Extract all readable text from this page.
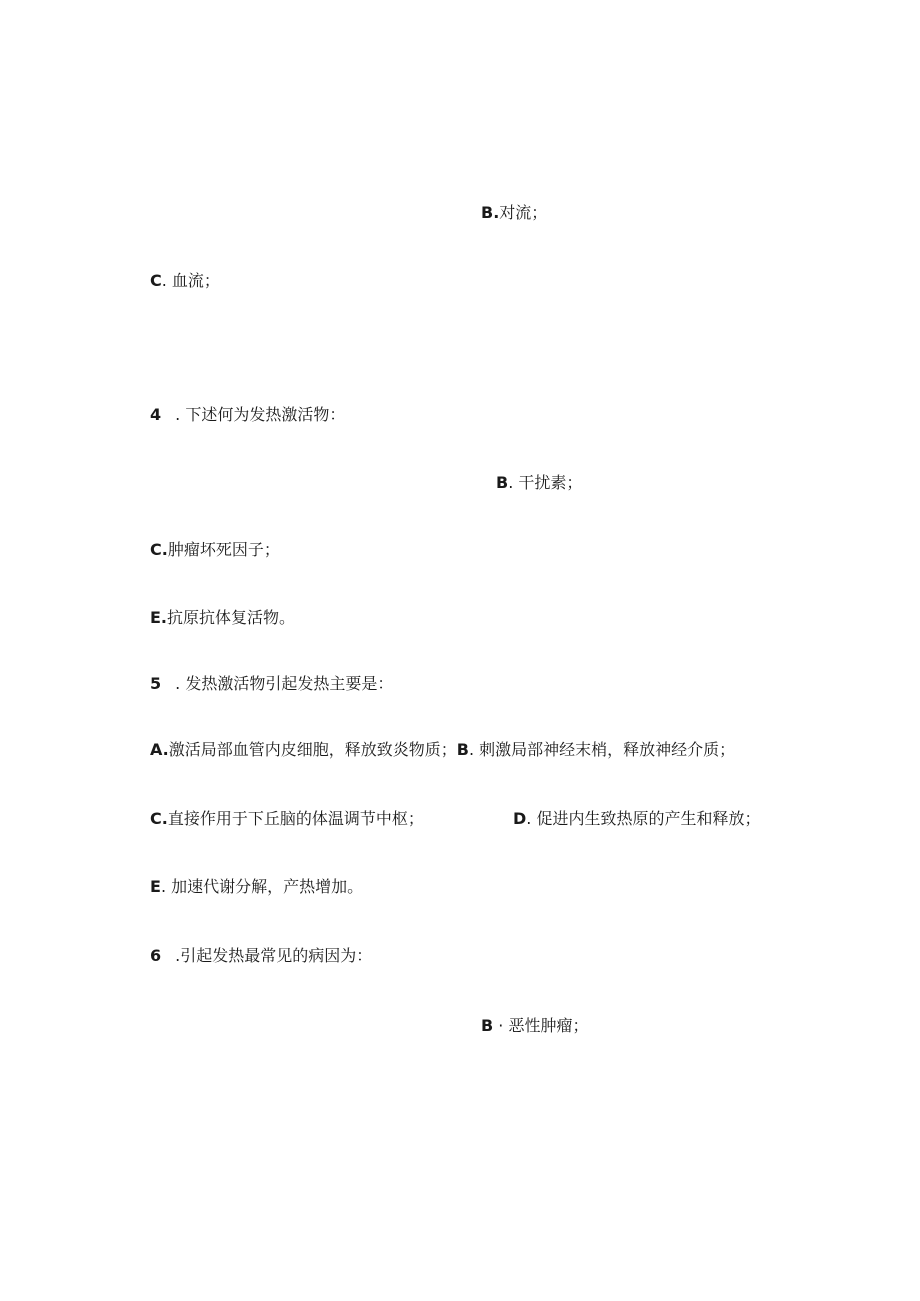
B.对流；
C. 血流；
4 . 下述何为发热激活物：
B. 干扰素；
C.肿瘤坏死因子；
E.抗原抗体复活物。
5 . 发热激活物引起发热主要是：
A.激活局部血管内皮细胞，释放致炎物质；B. 刺激局部神经末梢，释放神经介质；
C.直接作用于下丘脑的体温调节中枢；	D. 促进内生致热原的产生和释放；
E. 加速代谢分解，产热增加。
6 .引起发热最常见的病因为：
B · 恶性肿瘤；
